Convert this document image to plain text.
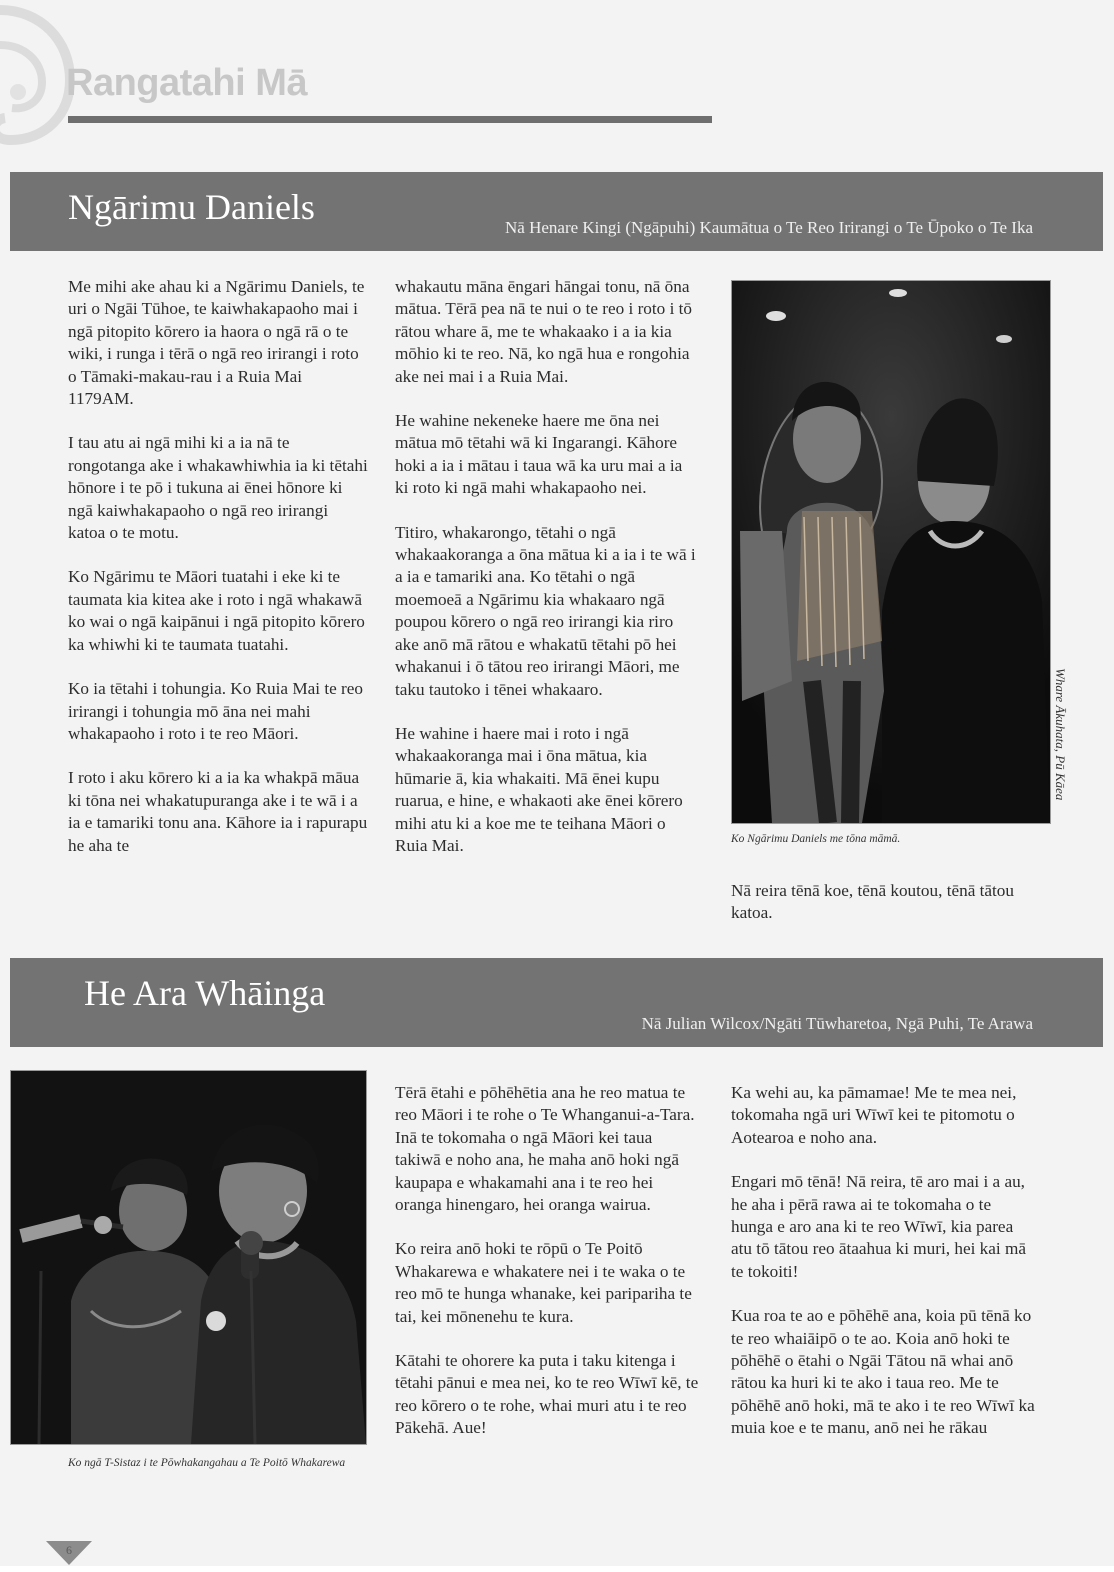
Rangatahi Mā
Ngārimu Daniels
Nā Henare Kingi (Ngāpuhi) Kaumātua o Te Reo Irirangi o Te Ūpoko o Te Ika

Me mihi ake ahau ki a Ngārimu Daniels, te uri o Ngāi Tūhoe, te kaiwhakapaoho mai i ngā pitopito kōrero ia haora o ngā rā o te wiki, i runga i tērā o ngā reo irirangi i roto o Tāmaki-makau-rau i a Ruia Mai 1179AM.

I tau atu ai ngā mihi ki a ia nā te rongotanga ake i whakawhiwhia ia ki tētahi hōnore i te pō i tukuna ai ēnei hōnore ki ngā kaiwhakapaoho o ngā reo irirangi katoa o te motu.

Ko Ngārimu te Māori tuatahi i eke ki te taumata kia kitea ake i roto i ngā whakawā ko wai o ngā kaipānui i ngā pitopito kōrero ka whiwhi ki te taumata tuatahi.

Ko ia tētahi i tohungia. Ko Ruia Mai te reo irirangi i tohungia mō āna nei mahi whakapaoho i roto i te reo Māori.

I roto i aku kōrero ki a ia ka whakpā māua ki tōna nei whakatupuranga ake i te wā i a ia e tamariki tonu ana. Kāhore ia i rapurapu he aha te

whakautu māna ēngari hāngai tonu, nā ōna mātua. Tērā pea nā te nui o te reo i roto i tō rātou whare ā, me te whakaako i a ia kia mōhio ki te reo. Nā, ko ngā hua e rongohia ake nei mai i a Ruia Mai.

He wahine nekeneke haere me ōna nei mātua mō tētahi wā ki Ingarangi. Kāhore hoki a ia i mātau i taua wā ka uru mai a ia ki roto ki ngā mahi whakapaoho nei.

Titiro, whakarongo, tētahi o ngā whakaakoranga a ōna mātua ki a ia i te wā i a ia e tamariki ana. Ko tētahi o ngā moemoeā a Ngārimu kia whakaaro ngā poupou kōrero o ngā reo irirangi kia riro ake anō mā rātou e whakatū tētahi pō hei whakanui i ō tātou reo irirangi Māori, me taku tautoko i tēnei whakaaro.

He wahine i haere mai i roto i ngā whakaakoranga mai i ōna mātua, kia hūmarie ā, kia whakaiti. Mā ēnei kupu ruarua, e hine, e whakaoti ake ēnei kōrero mihi atu ki a koe me te teihana Māori o Ruia Mai.

Whare Ākuhata, Pū Kāea
Ko Ngārimu Daniels me tōna māmā.
Nā reira tēnā koe, tēnā koutou, tēnā tātou katoa.
He Ara Whāinga
Nā Julian Wilcox/Ngāti Tūwharetoa, Ngā Puhi, Te Arawa
Ko ngā T-Sistaz i te Pōwhakangahau a Te Poitō Whakarewa

Tērā ētahi e pōhēhētia ana he reo matua te reo Māori i te rohe o Te Whanganui-a-Tara. Inā te tokomaha o ngā Māori kei taua takiwā e noho ana, he maha anō hoki ngā kaupapa e whakamahi ana i te reo hei oranga hinengaro, hei oranga wairua.

Ko reira anō hoki te rōpū o Te Poitō Whakarewa e whakatere nei i te waka o te reo mō te hunga whanake, kei paripariha te tai, kei mōnenehu te kura.

Kātahi te ohorere ka puta i taku kitenga i tētahi pānui e mea nei, ko te reo Wīwī kē, te reo kōrero o te rohe, whai muri atu i te reo Pākehā. Aue!

Ka wehi au, ka pāmamae! Me te mea nei, tokomaha ngā uri Wīwī kei te pitomotu o Aotearoa e noho ana.

Engari mō tēnā! Nā reira, tē aro mai i a au, he aha i pērā rawa ai te tokomaha o te hunga e aro ana ki te reo Wīwī, kia parea atu tō tātou reo ātaahua ki muri, hei kai mā te tokoiti!

Kua roa te ao e pōhēhē ana, koia pū tēnā ko te reo whaiāipō o te ao. Koia anō hoki te pōhēhē o ētahi o Ngāi Tātou nā whai anō rātou ka huri ki te ako i taua reo. Me te pōhēhē anō hoki, mā te ako i te reo Wīwī ka muia koe e te manu, anō nei he rākau

6
